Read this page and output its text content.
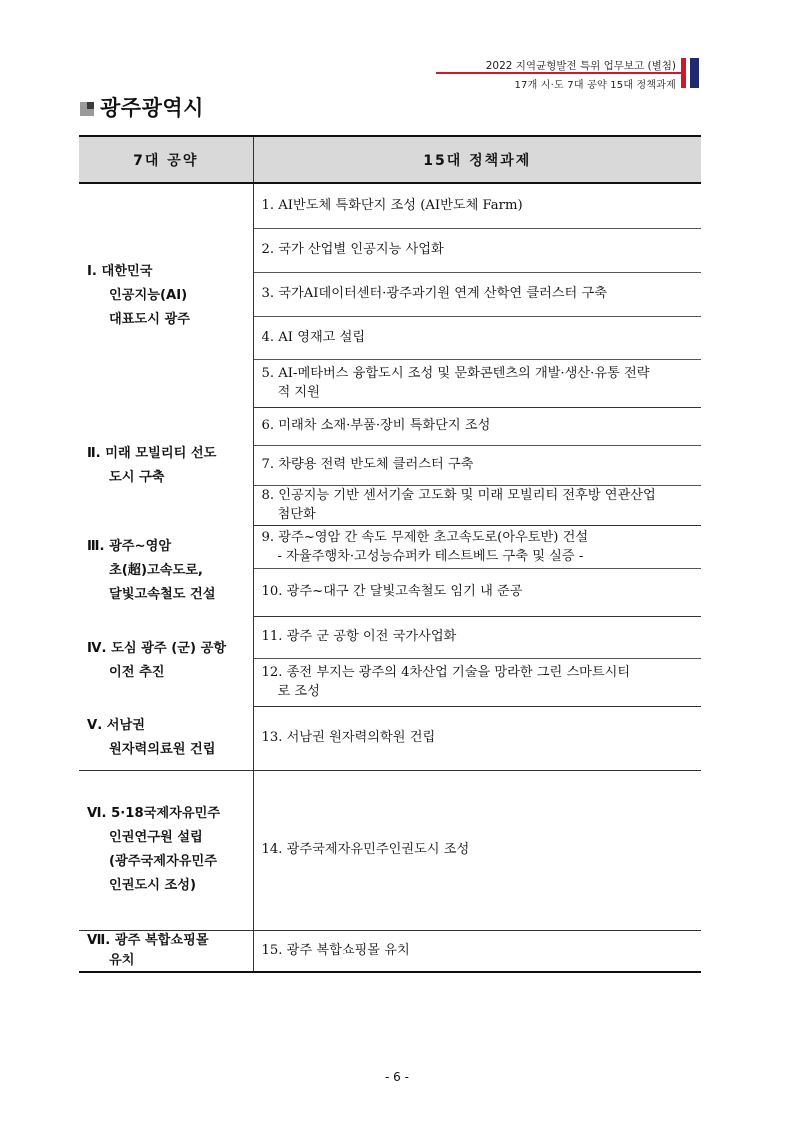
2022 지역균형발전 특위 업무보고 (별첨)
17개 시·도 7대 공약 15대 정책과제
광주광역시
7대 공약	15대 정책과제

Ⅰ. 대한민국
인공지능(AI)
대표도시 광주	1. AI반도체 특화단지 조성 (AI반도체 Farm)

	2. 국가 산업별 인공지능 사업화

	3. 국가AI데이터센터·광주과기원 연계 산학연 클러스터 구축

	4. AI 영재고 설립

	5. AI-메타버스 융합도시 조성 및 문화콘텐츠의 개발·생산·유통 전략
적 지원

Ⅱ. 미래 모빌리티 선도
도시 구축	6. 미래차 소재·부품·장비 특화단지 조성

	7. 차량용 전력 반도체 클러스터 구축

	8. 인공지능 기반 센서기술 고도화 및 미래 모빌리티 전후방 연관산업
첨단화

Ⅲ. 광주~영암
초(超)고속도로,
달빛고속철도 건설	9. 광주~영암 간 속도 무제한 초고속도로(아우토반) 건설
- 자율주행차·고성능슈퍼카 테스트베드 구축 및 실증 -

	10. 광주~대구 간 달빛고속철도 임기 내 준공

Ⅳ. 도심 광주 (군) 공항
이전 추진	11. 광주 군 공항 이전 국가사업화

	12. 종전 부지는 광주의 4차산업 기술을 망라한 그린 스마트시티
로 조성

Ⅴ. 서남권
원자력의료원 건립	13. 서남권 원자력의학원 건립

Ⅵ. 5·18국제자유민주
인권연구원 설립
(광주국제자유민주
인권도시 조성)	14. 광주국제자유민주인권도시 조성

Ⅶ. 광주 복합쇼핑몰
유치	15. 광주 복합쇼핑몰 유치
- 6 -
